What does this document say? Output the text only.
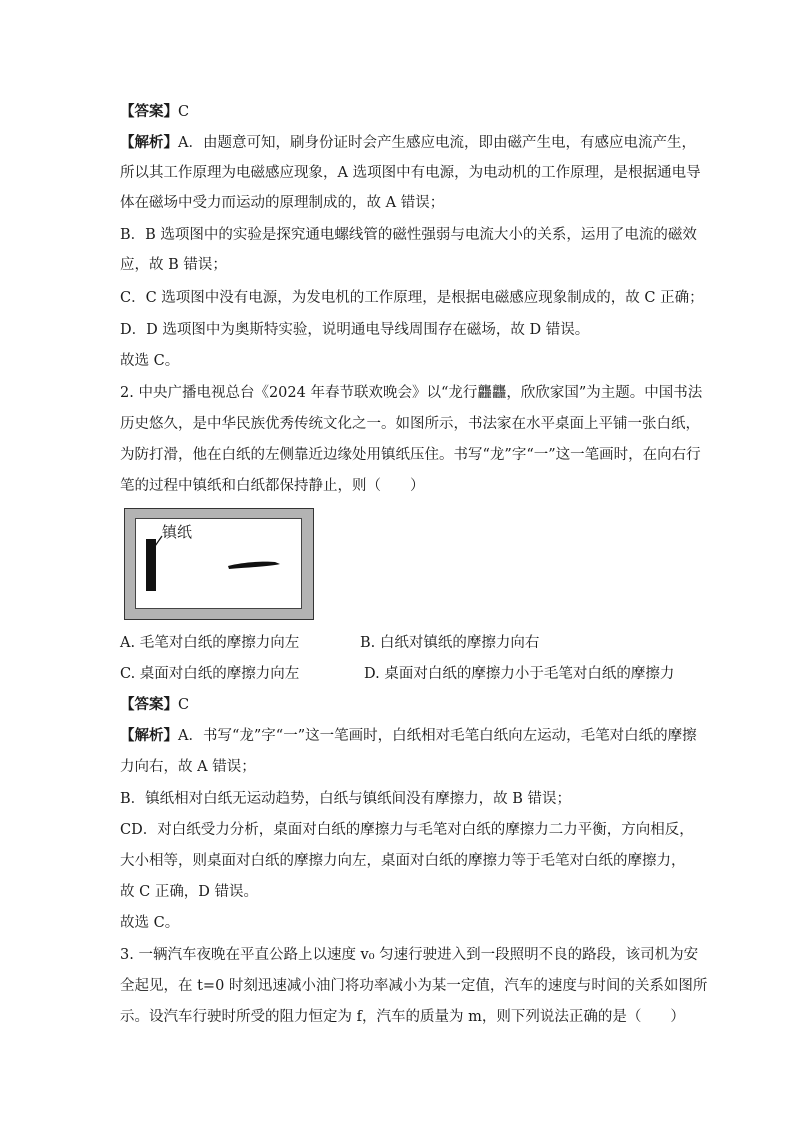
【答案】C
【解析】A．由题意可知，刷身份证时会产生感应电流，即由磁产生电，有感应电流产生，
所以其工作原理为电磁感应现象，A 选项图中有电源，为电动机的工作原理，是根据通电导
体在磁场中受力而运动的原理制成的，故 A 错误；
B．B 选项图中的实验是探究通电螺线管的磁性强弱与电流大小的关系，运用了电流的磁效
应，故 B 错误；
C．C 选项图中没有电源，为发电机的工作原理，是根据电磁感应现象制成的，故 C 正确；
D．D 选项图中为奥斯特实验，说明通电导线周围存在磁场，故 D 错误。
故选 C。
2. 中央广播电视总台《2024 年春节联欢晚会》以“龙行龘龘，欣欣家国”为主题。中国书法
历史悠久，是中华民族优秀传统文化之一。如图所示，书法家在水平桌面上平铺一张白纸，
为防打滑，他在白纸的左侧靠近边缘处用镇纸压住。书写“龙”字“一”这一笔画时，在向右行
笔的过程中镇纸和白纸都保持静止，则（　　）
镇纸
A. 毛笔对白纸的摩擦力向左	B. 白纸对镇纸的摩擦力向右
C. 桌面对白纸的摩擦力向左	D. 桌面对白纸的摩擦力小于毛笔对白纸的摩擦力
【答案】C
【解析】A．书写“龙”字“一”这一笔画时，白纸相对毛笔白纸向左运动，毛笔对白纸的摩擦
力向右，故 A 错误；
B．镇纸相对白纸无运动趋势，白纸与镇纸间没有摩擦力，故 B 错误；
CD．对白纸受力分析，桌面对白纸的摩擦力与毛笔对白纸的摩擦力二力平衡，方向相反，
大小相等，则桌面对白纸的摩擦力向左，桌面对白纸的摩擦力等于毛笔对白纸的摩擦力，
故 C 正确，D 错误。
故选 C。
3. 一辆汽车夜晚在平直公路上以速度 v₀ 匀速行驶进入到一段照明不良的路段，该司机为安
全起见，在 t=0 时刻迅速减小油门将功率减小为某一定值，汽车的速度与时间的关系如图所
示。设汽车行驶时所受的阻力恒定为 f，汽车的质量为 m，则下列说法正确的是（　　）
